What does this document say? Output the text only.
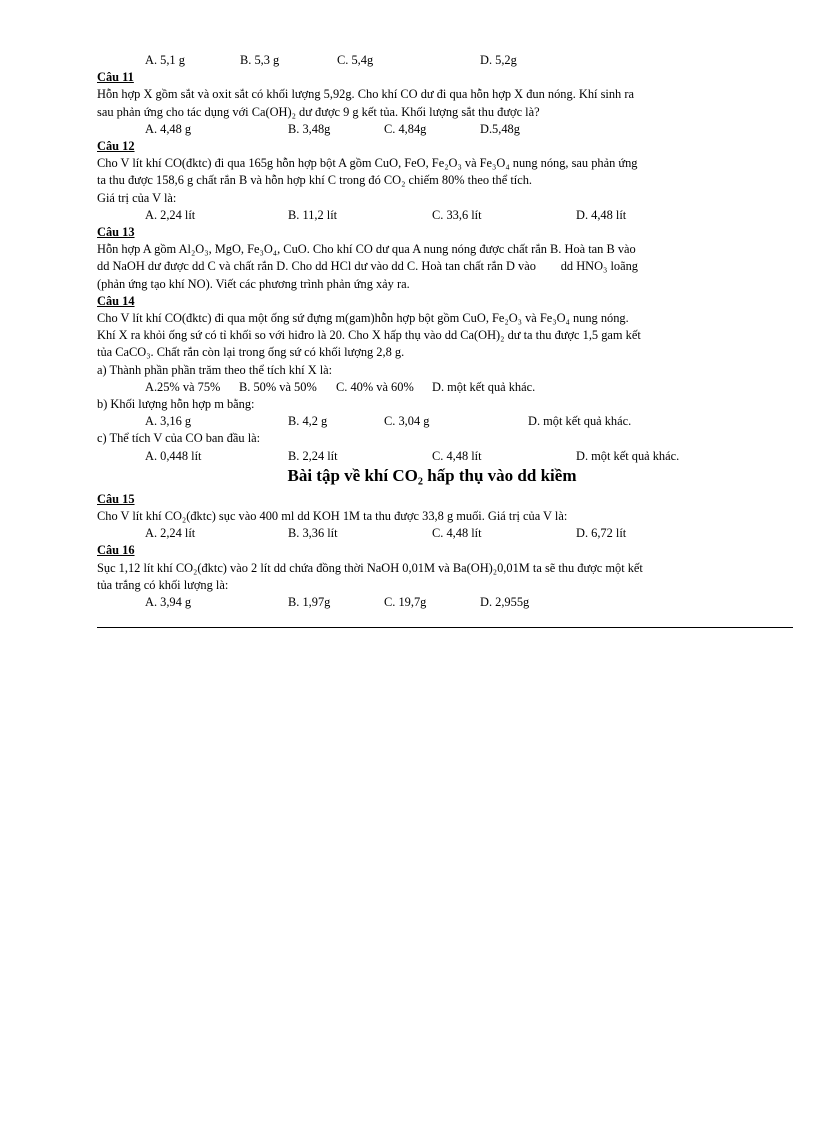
A. 5,1 g	B. 5,3 g	C. 5,4g	D. 5,2g
Câu 11

Hỗn hợp X gồm sắt và oxit sắt có khối lượng 5,92g. Cho khí CO dư đi qua hỗn hợp X đun nóng. Khí sinh ra

sau phản ứng cho tác dụng với Ca(OH)₂ dư được 9 g kết tủa. Khối lượng sắt thu được là?

A. 4,48 g	B. 3,48g	C. 4,84g	D.5,48g
Câu 12

Cho V lít khí CO(đktc) đi qua 165g hỗn hợp bột A gồm CuO, FeO, Fe₂O₃ và Fe₃O₄ nung nóng, sau phản ứng

ta thu được 158,6 g chất rắn B và hỗn hợp khí C trong đó CO₂ chiếm 80% theo thể tích.

Giá trị của V là:

A. 2,24 lít	B. 11,2 lít	C. 33,6 lít	D. 4,48 lít
Câu 13

Hỗn hợp A gồm Al₂O₃, MgO, Fe₃O₄, CuO. Cho khí CO dư qua A nung nóng được chất rắn B. Hoà tan B vào

dd NaOH dư được dd C và chất rắn D. Cho dd HCl dư vào dd C. Hoà tan chất rắn D vào        dd HNO₃ loãng

(phản ứng tạo khí NO). Viết các phương trình phản ứng xảy ra.

Câu 14

Cho V lít khí CO(đktc) đi qua một ống sứ đựng m(gam)hỗn hợp bột gồm CuO, Fe₂O₃ và Fe₃O₄ nung nóng.

Khí X ra khỏi ống sứ có tỉ khối so với hiđro là 20. Cho X hấp thụ vào dd Ca(OH)₂ dư ta thu được 1,5 gam kết

tủa CaCO₃. Chất rắn còn lại trong ống sứ có khối lượng 2,8 g.

a) Thành phần phần trăm theo thể tích khí X là:

A.25% và 75% B. 50% và 50% C. 40% và 60% D. một kết quả khác.

b) Khối lượng hỗn hợp m bằng:

A. 3,16 g	B. 4,2 g	C. 3,04 g	D. một kết quả khác.

c) Thể tích V của CO ban đầu là:

A. 0,448 lít	B. 2,24 lít	C. 4,48 lít	D. một kết quả khác.
Bài tập về khí CO₂ hấp thụ vào dd kiềm
Câu 15

Cho V lít khí CO₂(đktc) sục vào 400 ml dd KOH 1M ta thu được 33,8 g muối. Giá trị của V là:

A. 2,24 lít	B. 3,36 lít	C. 4,48 lít	D. 6,72 lít
Câu 16

Sục 1,12 lít khí CO₂(đktc) vào 2 lít dd chứa đồng thời NaOH 0,01M và Ba(OH)₂0,01M ta sẽ thu được một kết

tủa trắng có khối lượng là:

A. 3,94 g	B. 1,97g	C. 19,7g	D. 2,955g
